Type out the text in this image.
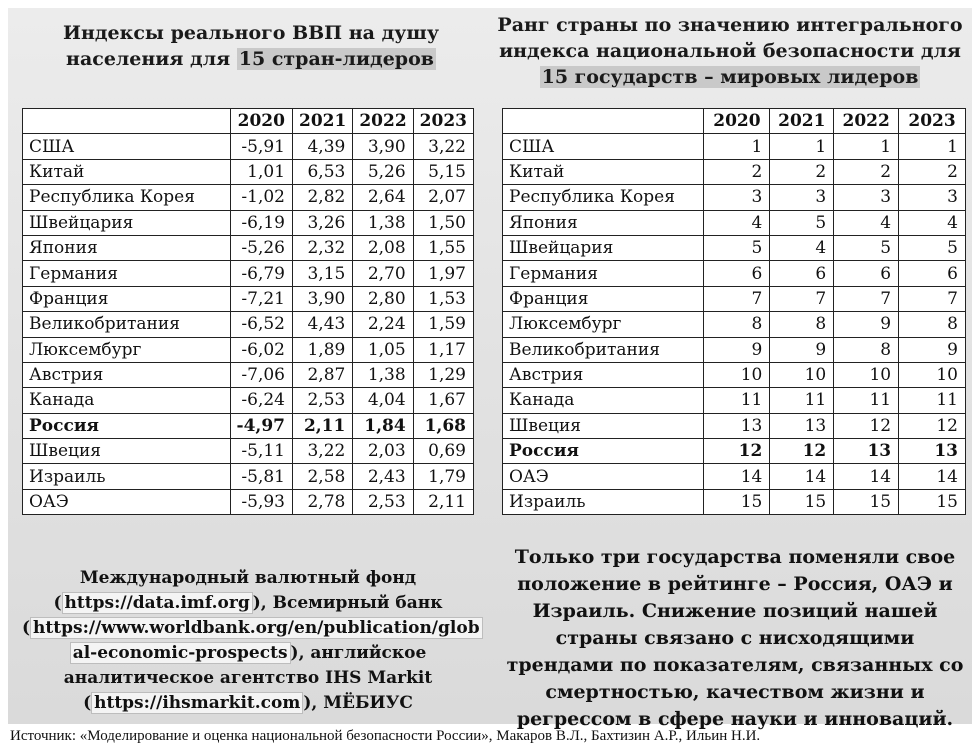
Индексы реального ВВП на душу
населения для 15 стран-лидеров
Ранг страны по значению интегрального
индекса национальной безопасности для
15 государств – мировых лидеров
	2020	2021	2022	2023
США	-5,91	4,39	3,90	3,22
Китай	1,01	6,53	5,26	5,15
Республика Корея	-1,02	2,82	2,64	2,07
Швейцария	-6,19	3,26	1,38	1,50
Япония	-5,26	2,32	2,08	1,55
Германия	-6,79	3,15	2,70	1,97
Франция	-7,21	3,90	2,80	1,53
Великобритания	-6,52	4,43	2,24	1,59
Люксембург	-6,02	1,89	1,05	1,17
Австрия	-7,06	2,87	1,38	1,29
Канада	-6,24	2,53	4,04	1,67
Россия	-4,97	2,11	1,84	1,68
Швеция	-5,11	3,22	2,03	0,69
Израиль	-5,81	2,58	2,43	1,79
ОАЭ	-5,93	2,78	2,53	2,11
	2020	2021	2022	2023
США	1	1	1	1
Китай	2	2	2	2
Республика Корея	3	3	3	3
Япония	4	5	4	4
Швейцария	5	4	5	5
Германия	6	6	6	6
Франция	7	7	7	7
Люксембург	8	8	9	8
Великобритания	9	9	8	9
Австрия	10	10	10	10
Канада	11	11	11	11
Швеция	13	13	12	12
Россия	12	12	13	13
ОАЭ	14	14	14	14
Израиль	15	15	15	15
Международный валютный фонд
( https://data.imf.org ), Всемирный банк
( https://www.worldbank.org/en/publication/glob
al-economic-prospects ), английское
аналитическое агентство IHS Markit
( https://ihsmarkit.com ), МЁБИУС
Только три государства поменяли свое положение в рейтинге – Россия, ОАЭ и Израиль. Снижение позиций нашей страны связано с нисходящими трендами по показателям, связанных со смертностью, качеством жизни и регрессом в сфере науки и инноваций.
Источник: «Моделирование и оценка национальной безопасности России», Макаров В.Л., Бахтизин А.Р., Ильин Н.И.
